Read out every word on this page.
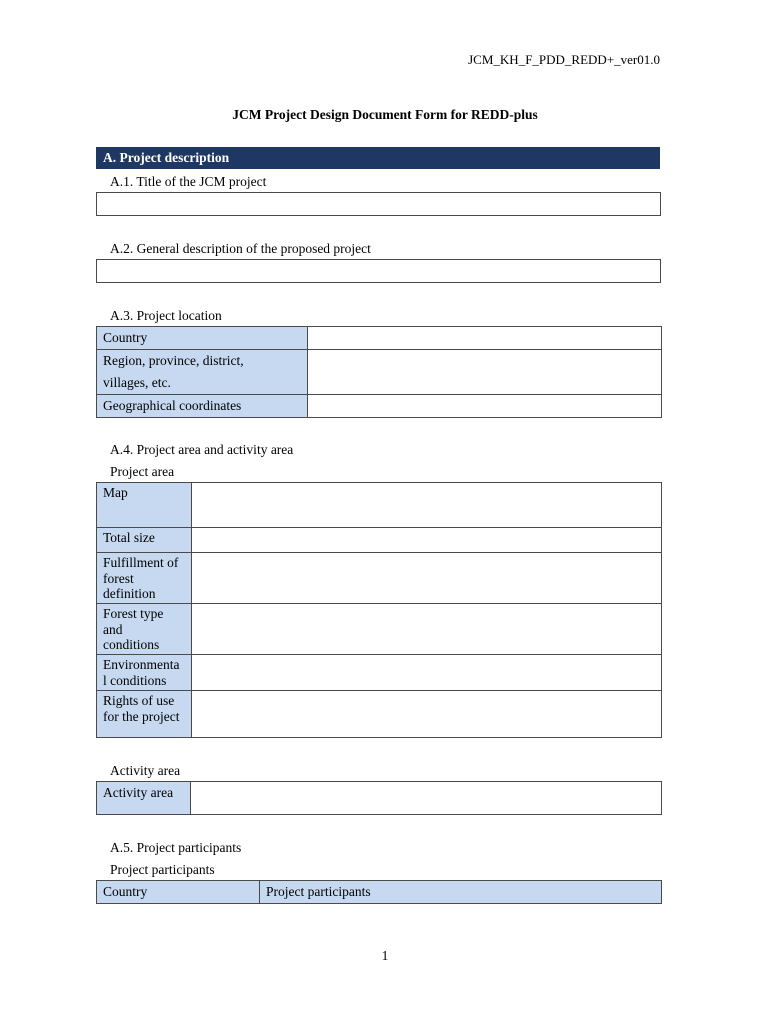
JCM_KH_F_PDD_REDD+_ver01.0
JCM Project Design Document Form for REDD-plus
A. Project description
A.1. Title of the JCM project
A.2. General description of the proposed project
A.3. Project location
Country	

Region, province, district,
villages, etc.	

Geographical coordinates	
A.4. Project area and activity area
Project area
Map	

Total size	

Fulfillment of
forest
definition	

Forest type
and
conditions	

Environmenta
l conditions	

Rights of use
for the project	

Activity area
Activity area	
A.5. Project participants
Project participants
Country	Project participants
1
